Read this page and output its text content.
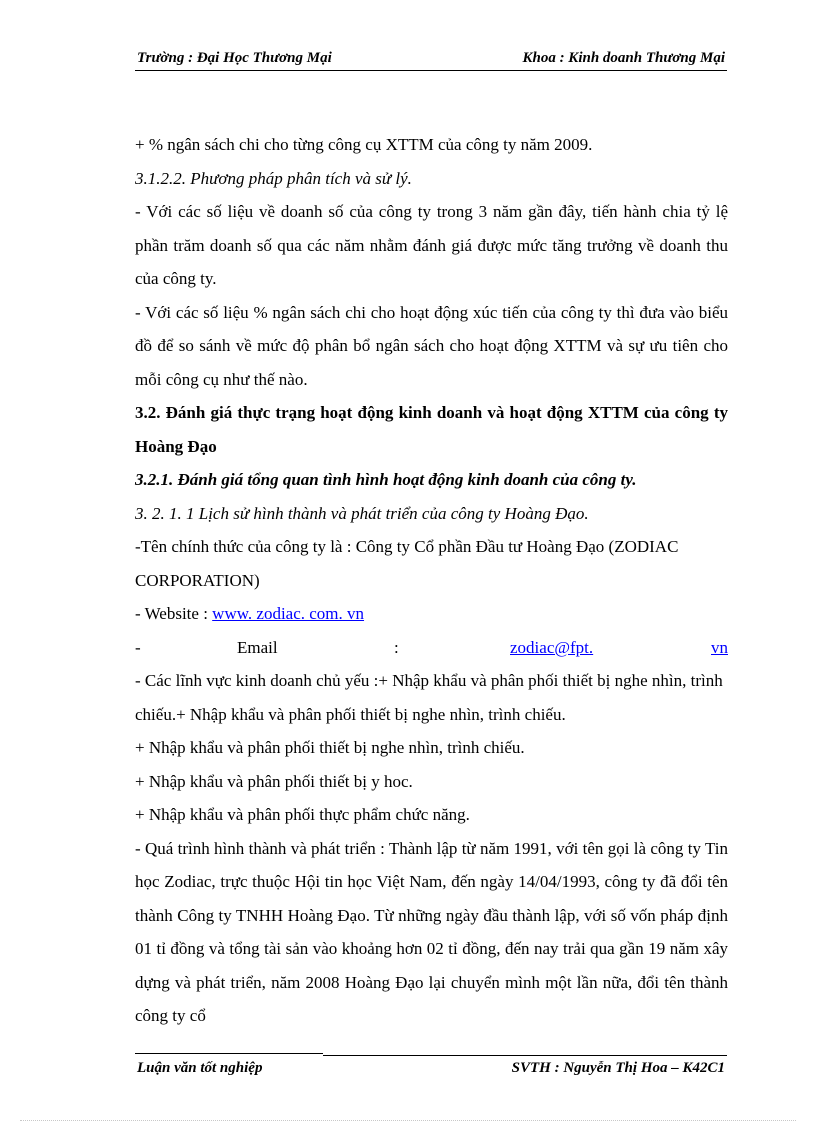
Trường : Đại Học Thương Mại	Khoa : Kinh doanh Thương Mại

+ % ngân sách chi cho từng công cụ XTTM của công ty năm 2009.

3.1.2.2. Phương pháp phân tích và sử lý.

- Với các số liệu về doanh số của công ty trong 3 năm gần đây, tiến hành chia tỷ lệ phần trăm doanh số qua các năm nhằm đánh giá được mức tăng trưởng về doanh thu của công ty.

- Với các số liệu % ngân sách chi cho hoạt động xúc tiến của công ty thì đưa vào biểu đồ để so sánh về mức độ phân bổ ngân sách cho hoạt động XTTM và sự ưu tiên cho mỗi công cụ như thế nào.

3.2. Đánh giá thực trạng hoạt động kinh doanh và hoạt động XTTM của công ty Hoàng Đạo

3.2.1. Đánh giá tổng quan tình hình hoạt động kinh doanh của công ty.

3. 2. 1. 1 Lịch sử hình thành và phát triển của công ty Hoàng Đạo.

-Tên chính thức của công ty là : Công ty Cổ phần Đầu tư Hoàng Đạo (ZODIAC CORPORATION)

- Website : www. zodiac. com. vn

-	Email	:	zodiac@fpt.	vn

- Các lĩnh vực kinh doanh chủ yếu :+ Nhập khẩu và phân phối thiết bị nghe nhìn, trình chiếu.+ Nhập khẩu và phân phối thiết bị nghe nhìn, trình chiếu.

+ Nhập khẩu và phân phối thiết bị nghe nhìn, trình chiếu.

+ Nhập khẩu và phân phối thiết bị y hoc.

+ Nhập khẩu và phân phối thực phẩm chức năng.

- Quá trình hình thành và phát triển : Thành lập từ năm 1991, với tên gọi là công ty Tin học Zodiac, trực thuộc Hội tin học Việt Nam, đến ngày 14/04/1993, công ty đã đổi tên thành Công ty TNHH Hoàng Đạo. Từ những ngày đầu thành lập, với số vốn pháp định 01 tỉ đồng và tổng tài sản vào khoảng hơn 02 tỉ đồng, đến nay trải qua gần 19 năm xây dựng và phát triển, năm 2008 Hoàng Đạo lại chuyển mình một lần nữa, đổi tên thành công ty cổ

Luận văn tốt nghiệp	SVTH : Nguyễn Thị Hoa – K42C1
